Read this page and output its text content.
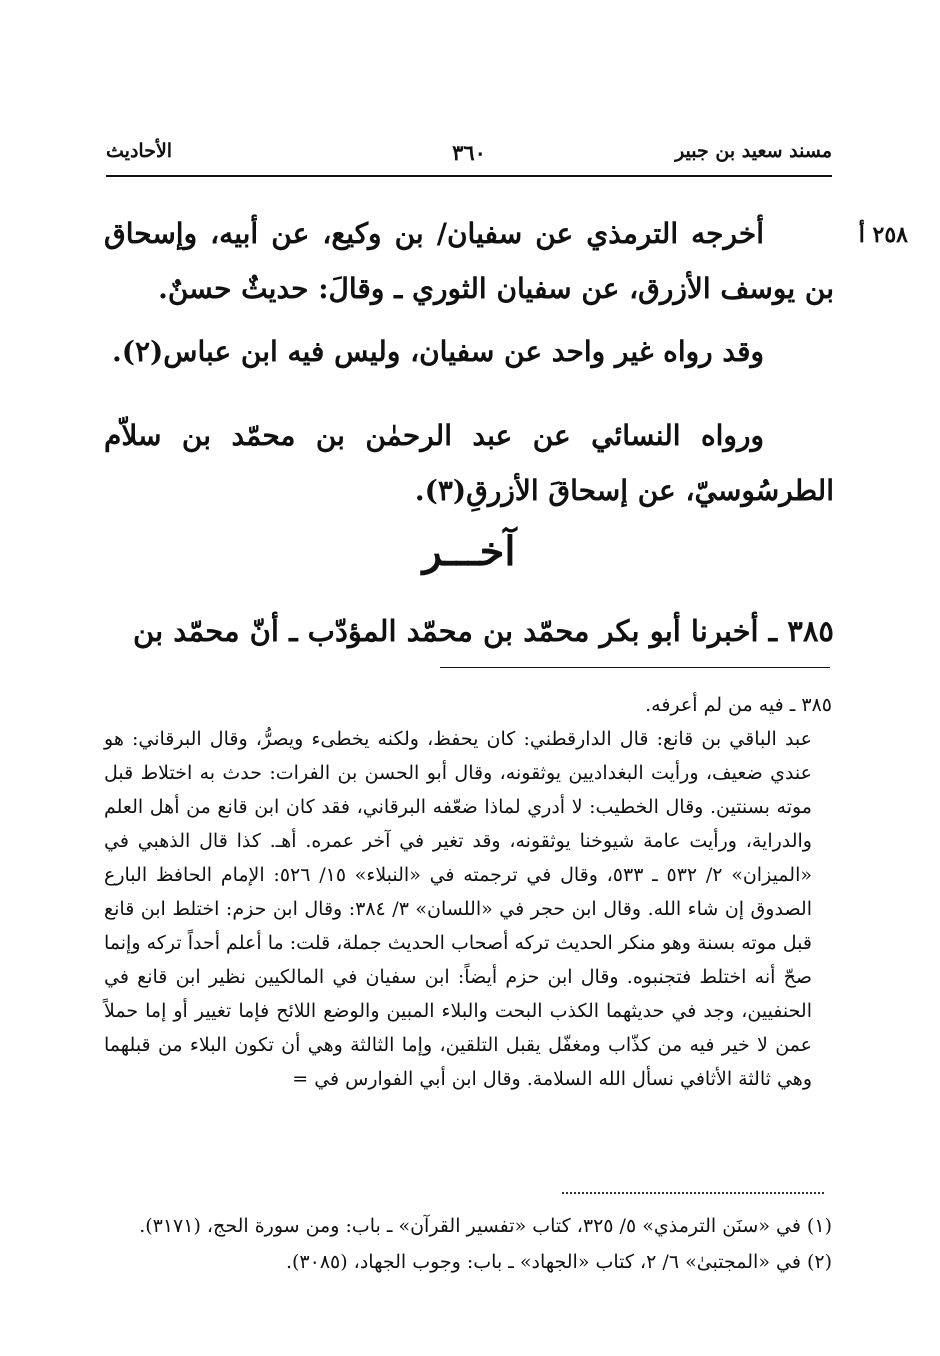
مسند سعيد بن جبير
٣٦٠
الأحاديث
٢٥٨ أ
أخرجه الترمذي عن سفيان/ بن وكيع، عن أبيه، وإسحاق بن يوسف الأزرق، عن سفيان الثوري ـ وقالَ: حديثٌ حسنٌ.
وقد رواه غير واحد عن سفيان، وليس فيه ابن عباس(٢).
ورواه النسائي عن عبد الرحمٰن بن محمّد بن سلاّم الطرسُوسيّ، عن إسحاقَ الأزرقِ(٣).
آخـــر
٣٨٥ ـ أخبرنا أبو بكر محمّد بن محمّد المؤدّب ـ أنّ محمّد بن

٣٨٥ ـ فيه من لم أعرفه.

عبد الباقي بن قانع: قال الدارقطني: كان يحفظ، ولكنه يخطىء ويصرُّ، وقال البرقاني: هو عندي ضعيف، ورأيت البغداديين يوثقونه، وقال أبو الحسن بن الفرات: حدث به اختلاط قبل موته بسنتين. وقال الخطيب: لا أدري لماذا ضعّفه البرقاني، فقد كان ابن قانع من أهل العلم والدراية، ورأيت عامة شيوخنا يوثقونه، وقد تغير في آخر عمره. أهـ. كذا قال الذهبي في «الميزان» ٢/ ٥٣٢ ـ ٥٣٣، وقال في ترجمته في «النبلاء» ١٥/ ٥٢٦: الإمام الحافظ البارع الصدوق إن شاء الله. وقال ابن حجر في «اللسان» ٣/ ٣٨٤: وقال ابن حزم: اختلط ابن قانع قبل موته بسنة وهو منكر الحديث تركه أصحاب الحديث جملة، قلت: ما أعلم أحداً تركه وإنما صحّ أنه اختلط فتجنبوه. وقال ابن حزم أيضاً: ابن سفيان في المالكيين نظير ابن قانع في الحنفيين، وجد في حديثهما الكذب البحت والبلاء المبين والوضع اللائح فإما تغيير أو إما حملاً عمن لا خير فيه من كذّاب ومغفّل يقبل التلقين، وإما الثالثة وهي أن تكون البلاء من قبلهما وهي ثالثة الأثافي نسأل الله السلامة. وقال ابن أبي الفوارس في =

(١) في «سنَن الترمذي» ٥/ ٣٢٥، كتاب «تفسير القرآن» ـ باب: ومن سورة الحج، (٣١٧١).

(٢) في «المجتبىٰ» ٦/ ٢، كتاب «الجهاد» ـ باب: وجوب الجهاد، (٣٠٨٥).
